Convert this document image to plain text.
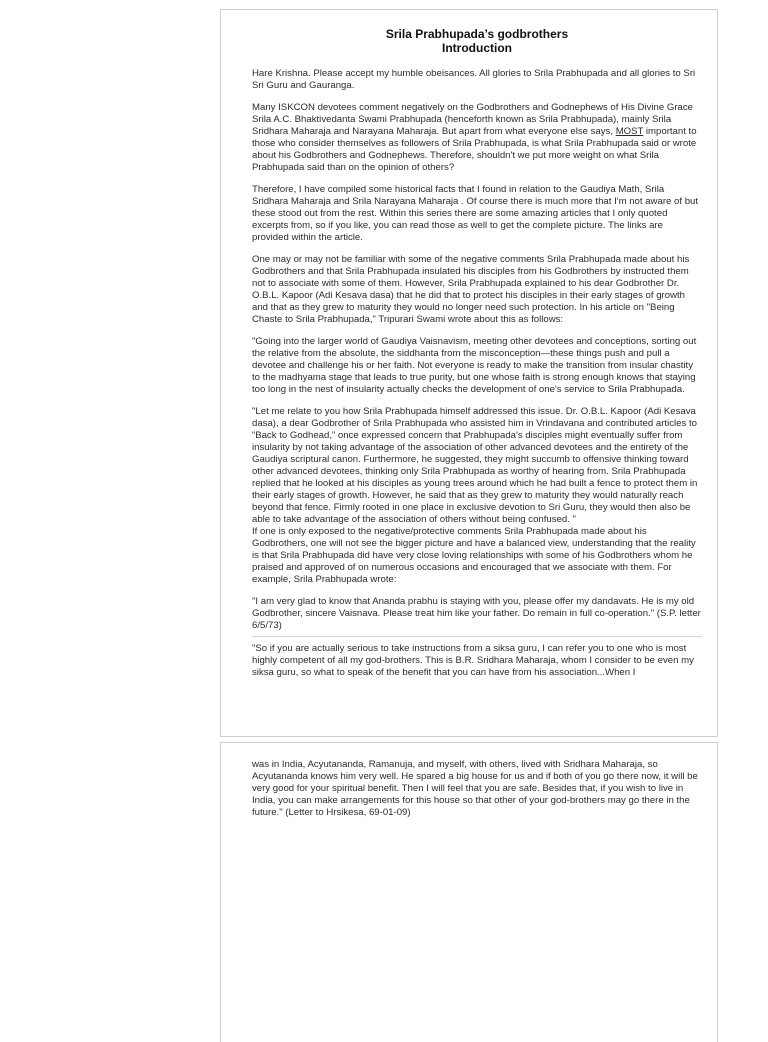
Srila Prabhupada’s godbrothers
Introduction

Hare Krishna. Please accept my humble obeisances. All glories to Srila Prabhupada and all glories to Sri Sri Guru and Gauranga.

Many ISKCON devotees comment negatively on the Godbrothers and Godnephews of His Divine Grace Srila A.C. Bhaktivedanta Swami Prabhupada (henceforth known as Srila Prabhupada), mainly Srila Sridhara Maharaja and Narayana Maharaja. But apart from what everyone else says, MOST important to those who consider themselves as followers of Srila Prabhupada, is what Srila Prabhupada said or wrote about his Godbrothers and Godnephews. Therefore, shouldn't we put more weight on what Srila Prabhupada said than on the opinion of others?

Therefore, I have compiled some historical facts that I found in relation to the Gaudiya Math, Srila Sridhara Maharaja and Srila Narayana Maharaja . Of course there is much more that I'm not aware of but these stood out from the rest. Within this series there are some amazing articles that I only quoted excerpts from, so if you like, you can read those as well to get the complete picture. The links are provided within the article.

One may or may not be familiar with some of the negative comments Srila Prabhupada made about his Godbrothers and that Srila Prabhupada insulated his disciples from his Godbrothers by instructed them not to associate with some of them. However, Srila Prabhupada explained to his dear Godbrother Dr. O.B.L. Kapoor (Adi Kesava dasa) that he did that to protect his disciples in their early stages of growth and that as they grew to maturity they would no longer need such protection. In his article on "Being Chaste to Srila Prabhupada," Tripurari Swami wrote about this as follows:

"Going into the larger world of Gaudiya Vaisnavism, meeting other devotees and conceptions, sorting out the relative from the absolute, the siddhanta from the misconception—these things push and pull a devotee and challenge his or her faith. Not everyone is ready to make the transition from insular chastity to the madhyama stage that leads to true purity, but one whose faith is strong enough knows that staying too long in the nest of insularity actually checks the development of one's service to Srila Prabhupada.

"Let me relate to you how Srila Prabhupada himself addressed this issue. Dr. O.B.L. Kapoor (Adi Kesava dasa), a dear Godbrother of Srila Prabhupada who assisted him in Vrindavana and contributed articles to “Back to Godhead,” once expressed concern that Prabhupada's disciples might eventually suffer from insularity by not taking advantage of the association of other advanced devotees and the entirety of the Gaudiya scriptural canon. Furthermore, he suggested, they might succumb to offensive thinking toward other advanced devotees, thinking only Srila Prabhupada as worthy of hearing from. Srila Prabhupada replied that he looked at his disciples as young trees around which he had built a fence to protect them in their early stages of growth. However, he said that as they grew to maturity they would naturally reach beyond that fence. Firmly rooted in one place in exclusive devotion to Sri Guru, they would then also be able to take advantage of the association of others without being confused. "

If one is only exposed to the negative/protective comments Srila Prabhupada made about his Godbrothers, one will not see the bigger picture and have a balanced view, understanding that the reality is that Srila Prabhupada did have very close loving relationships with some of his Godbrothers whom he praised and approved of on numerous occasions and encouraged that we associate with them. For example, Srila Prabhupada wrote:

"I am very glad to know that Ananda prabhu is staying with you, please offer my dandavats. He is my old Godbrother, sincere Vaisnava. Please treat him like your father. Do remain in full co-operation." (S.P. letter 6/5/73)

"So if you are actually serious to take instructions from a siksa guru, I can refer you to one who is most highly competent of all my god-brothers. This is B.R. Sridhara Maharaja, whom I consider to be even my siksa guru, so what to speak of the benefit that you can have from his association...When I

was in India, Acyutananda, Ramanuja, and myself, with others, lived with Sridhara Maharaja, so Acyutananda knows him very well. He spared a big house for us and if both of you go there now, it will be very good for your spiritual benefit. Then I will feel that you are safe. Besides that, if you wish to live in India, you can make arrangements for this house so that other of your god-brothers may go there in the future." (Letter to Hrsikesa, 69-01-09)
